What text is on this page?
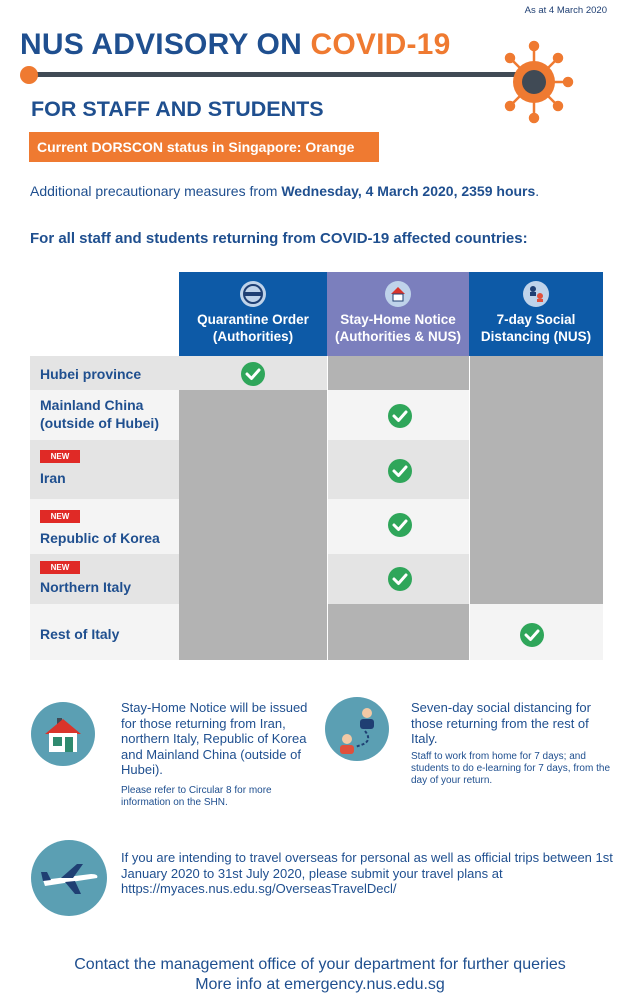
As at 4 March 2020
NUS ADVISORY ON COVID-19
FOR STAFF AND STUDENTS
Current DORSCON status in Singapore: Orange
Additional precautionary measures from Wednesday, 4 March 2020, 2359 hours.
For all staff and students returning from COVID-19 affected countries:
Quarantine Order
(Authorities)
Stay-Home Notice
(Authorities & NUS)
7-day Social
Distancing (NUS)
Hubei province
Mainland China
(outside of Hubei)
NEW
Iran
NEW
Republic of Korea
NEW
Northern Italy
Rest of Italy
Stay-Home Notice will be issued for those returning from Iran, northern Italy, Republic of Korea and Mainland China (outside of Hubei).
Please refer to Circular 8 for more information on the SHN.
Seven-day social distancing for those returning from the rest of Italy.
Staff to work from home for 7 days; and students to do e-learning for 7 days, from the day of your return.
If you are intending to travel overseas for personal as well as official trips between 1st January 2020 to 31st July 2020, please submit your travel plans at https://myaces.nus.edu.sg/OverseasTravelDecl/
Contact the management office of your department for further queries
More info at emergency.nus.edu.sg
